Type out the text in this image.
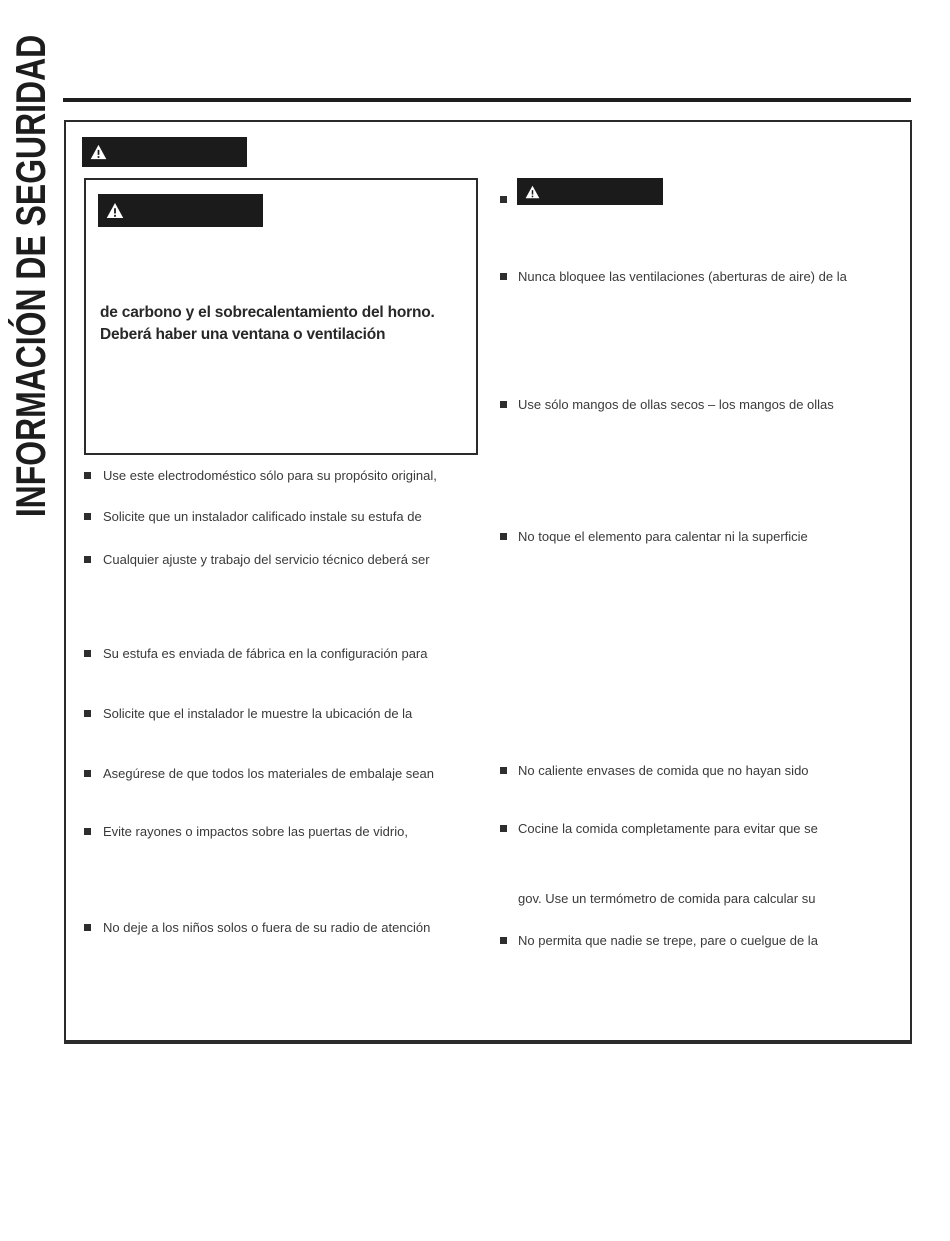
INFORMACIÓN DE SEGURIDAD	de carbono y el sobrecalentamiento del horno.
Deberá haber una ventana o ventilación
Use este electrodoméstico sólo para su propósito original,
Solicite que un instalador calificado instale su estufa de
Cualquier ajuste y trabajo del servicio técnico deberá ser
Su estufa es enviada de fábrica en la configuración para
Solicite que el instalador le muestre la ubicación de la
Asegúrese de que todos los materiales de embalaje sean
Evite rayones o impactos sobre las puertas de vidrio,
No deje a los niños solos o fuera de su radio de atención
Nunca bloquee las ventilaciones (aberturas de aire) de la
Use sólo mangos de ollas secos – los mangos de ollas
No toque el elemento para calentar ni la superficie
No caliente envases de comida que no hayan sido
Cocine la comida completamente para evitar que se
gov. Use un termómetro de comida para calcular su
No permita que nadie se trepe, pare o cuelgue de la
